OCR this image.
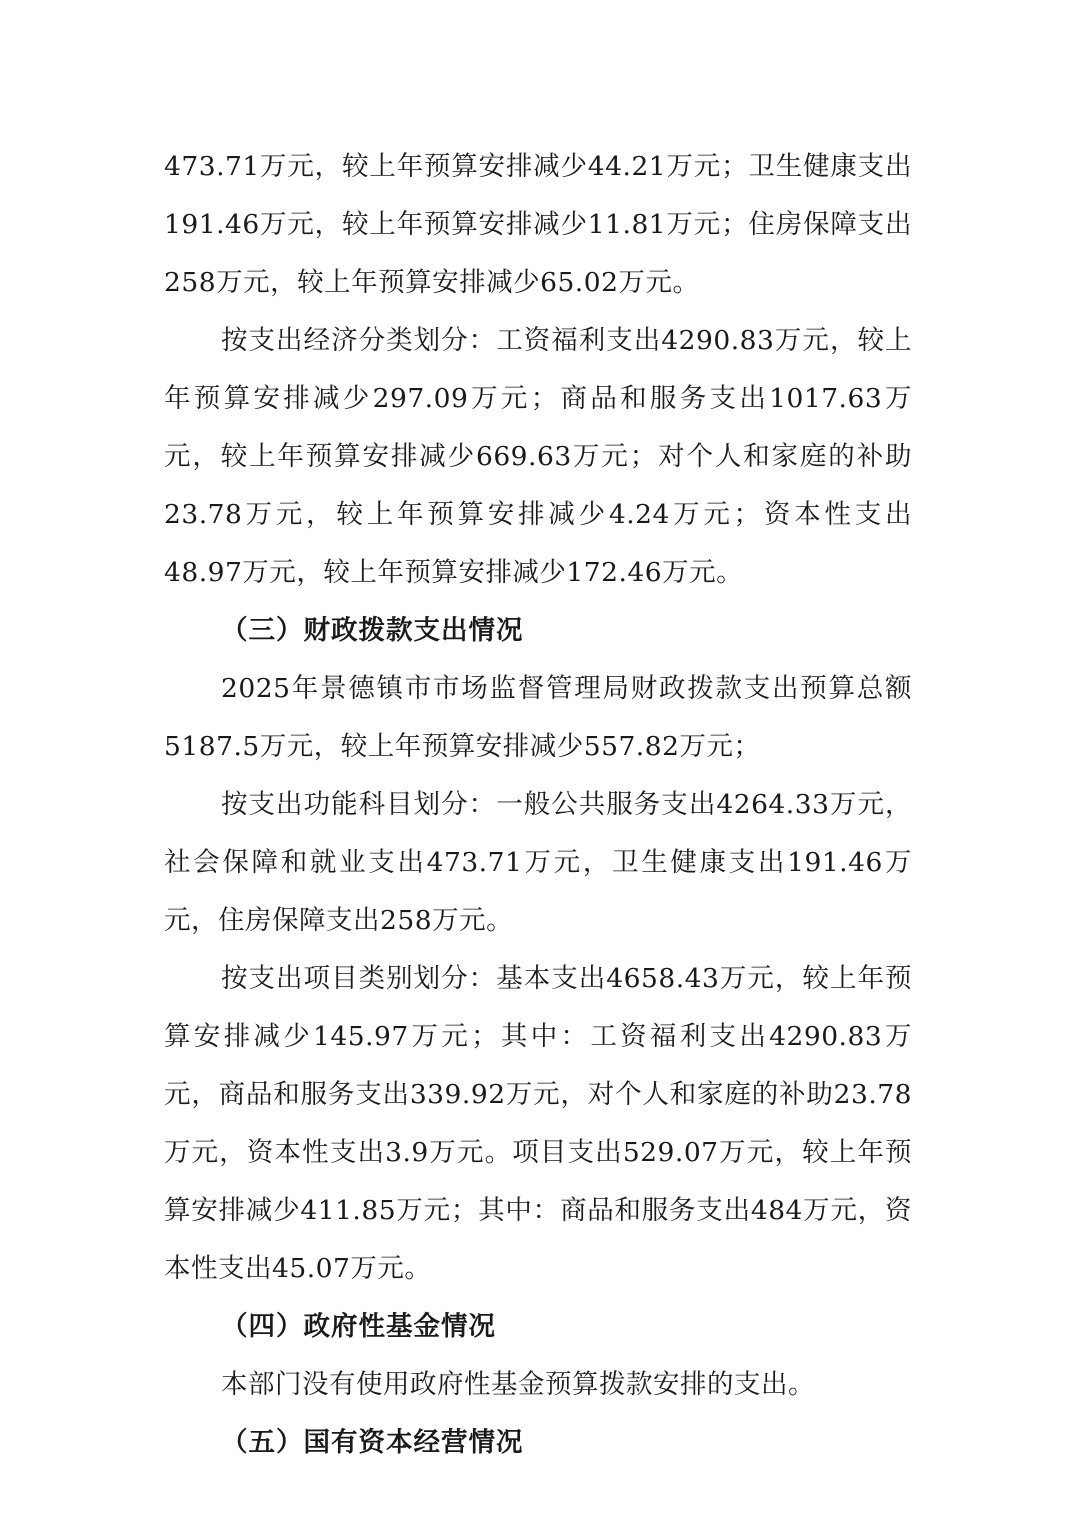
473.71万元，较上年预算安排减少44.21万元；卫生健康支出191.46万元，较上年预算安排减少11.81万元；住房保障支出258万元，较上年预算安排减少65.02万元。

按支出经济分类划分：工资福利支出4290.83万元，较上年预算安排减少297.09万元；商品和服务支出1017.63万元，较上年预算安排减少669.63万元；对个人和家庭的补助23.78万元，较上年预算安排减少4.24万元；资本性支出48.97万元，较上年预算安排减少172.46万元。

（三）财政拨款支出情况

2025年景德镇市市场监督管理局财政拨款支出预算总额5187.5万元，较上年预算安排减少557.82万元；

按支出功能科目划分：一般公共服务支出4264.33万元，社会保障和就业支出473.71万元，卫生健康支出191.46万元，住房保障支出258万元。

按支出项目类别划分：基本支出4658.43万元，较上年预算安排减少145.97万元；其中：工资福利支出4290.83万元，商品和服务支出339.92万元，对个人和家庭的补助23.78万元，资本性支出3.9万元。项目支出529.07万元，较上年预算安排减少411.85万元；其中：商品和服务支出484万元，资本性支出45.07万元。

（四）政府性基金情况

本部门没有使用政府性基金预算拨款安排的支出。

（五）国有资本经营情况
